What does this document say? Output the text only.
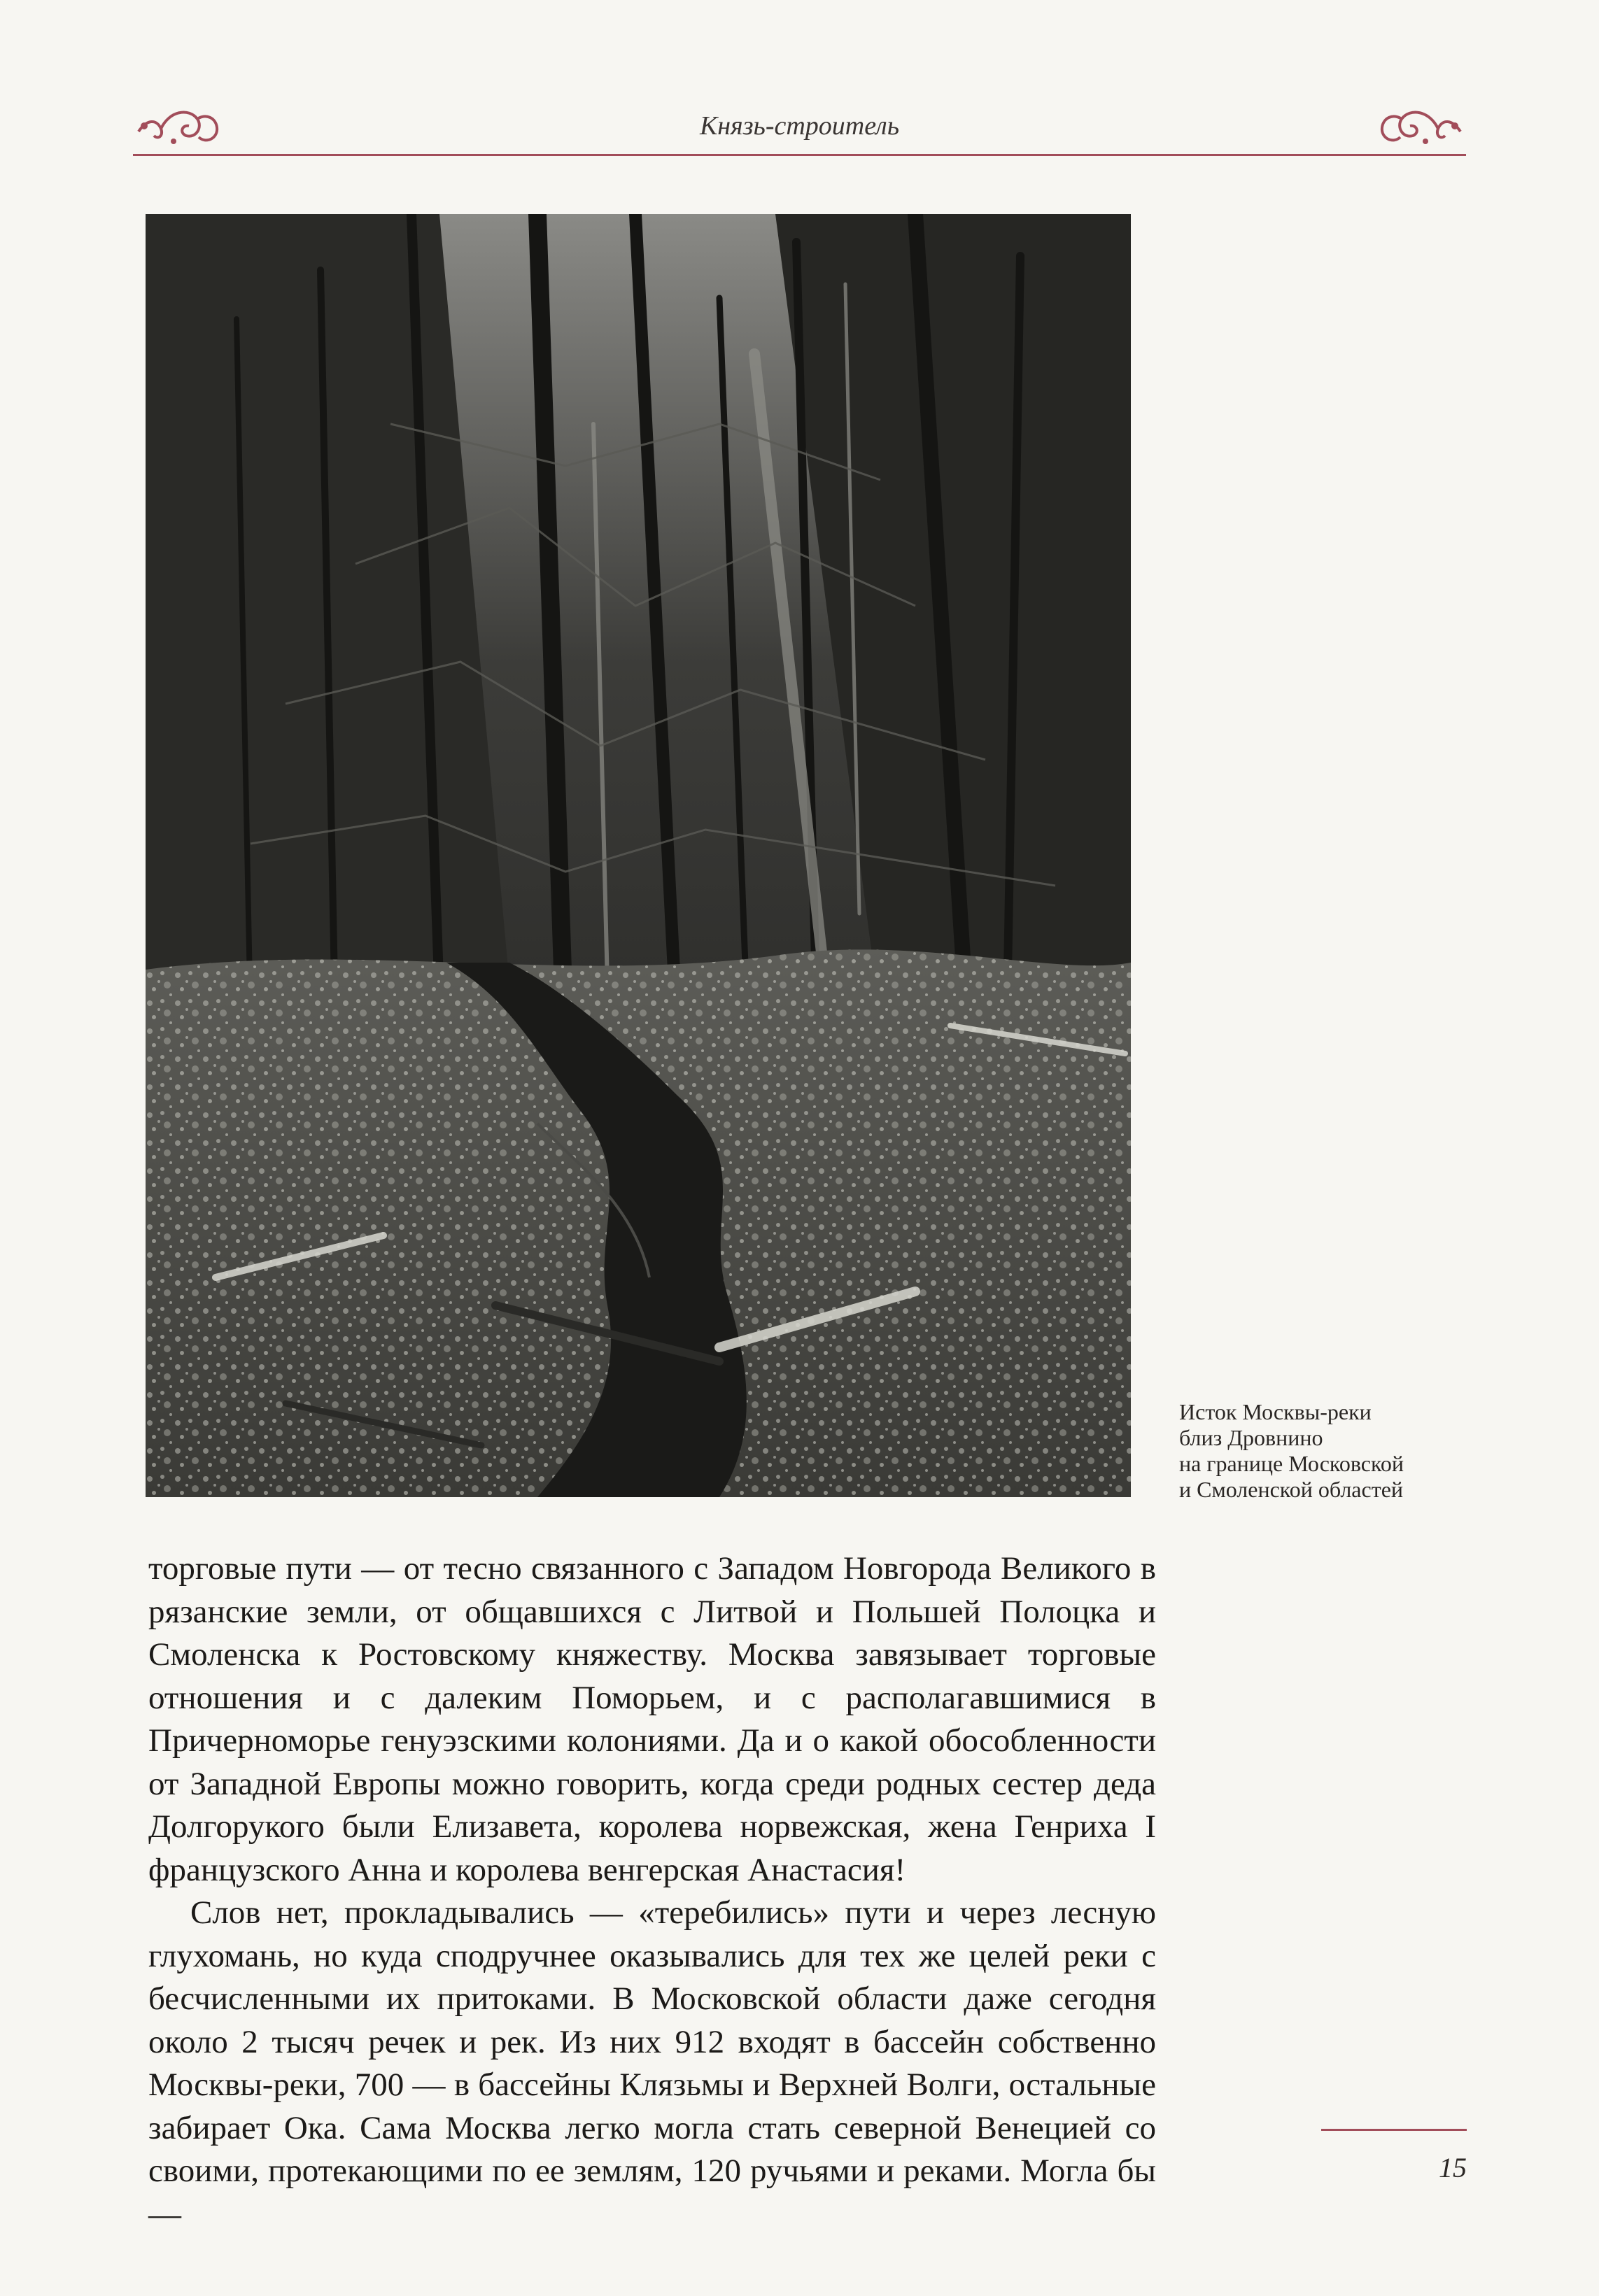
Князь-строитель
Исток Москвы-реки
близ Дровнино
на границе Московской
и Смоленской областей

торговые пути — от тесно связанного с Западом Новгорода Великого в рязанские земли, от общавшихся с Литвой и Польшей Полоцка и Смоленска к Ростовскому княжеству. Москва завязывает торговые отношения и с далеким Поморьем, и с располагавшимися в Причерноморье генуэзскими колониями. Да и о какой обособленности от Западной Европы можно говорить, когда среди родных сестер деда Долгорукого были Елизавета, королева норвежская, жена Генриха I французского Анна и королева венгерская Анастасия!

Слов нет, прокладывались — «теребились» пути и через лесную глухомань, но куда сподручнее оказывались для тех же целей реки с бесчисленными их притоками. В Московской области даже сегодня около 2 тысяч речек и рек. Из них 912 входят в бассейн собственно Москвы-реки, 700 — в бассейны Клязьмы и Верхней Волги, остальные забирает Ока. Сама Москва легко могла стать северной Венецией со своими, протекающими по ее землям, 120 ручьями и реками. Могла бы —

15
